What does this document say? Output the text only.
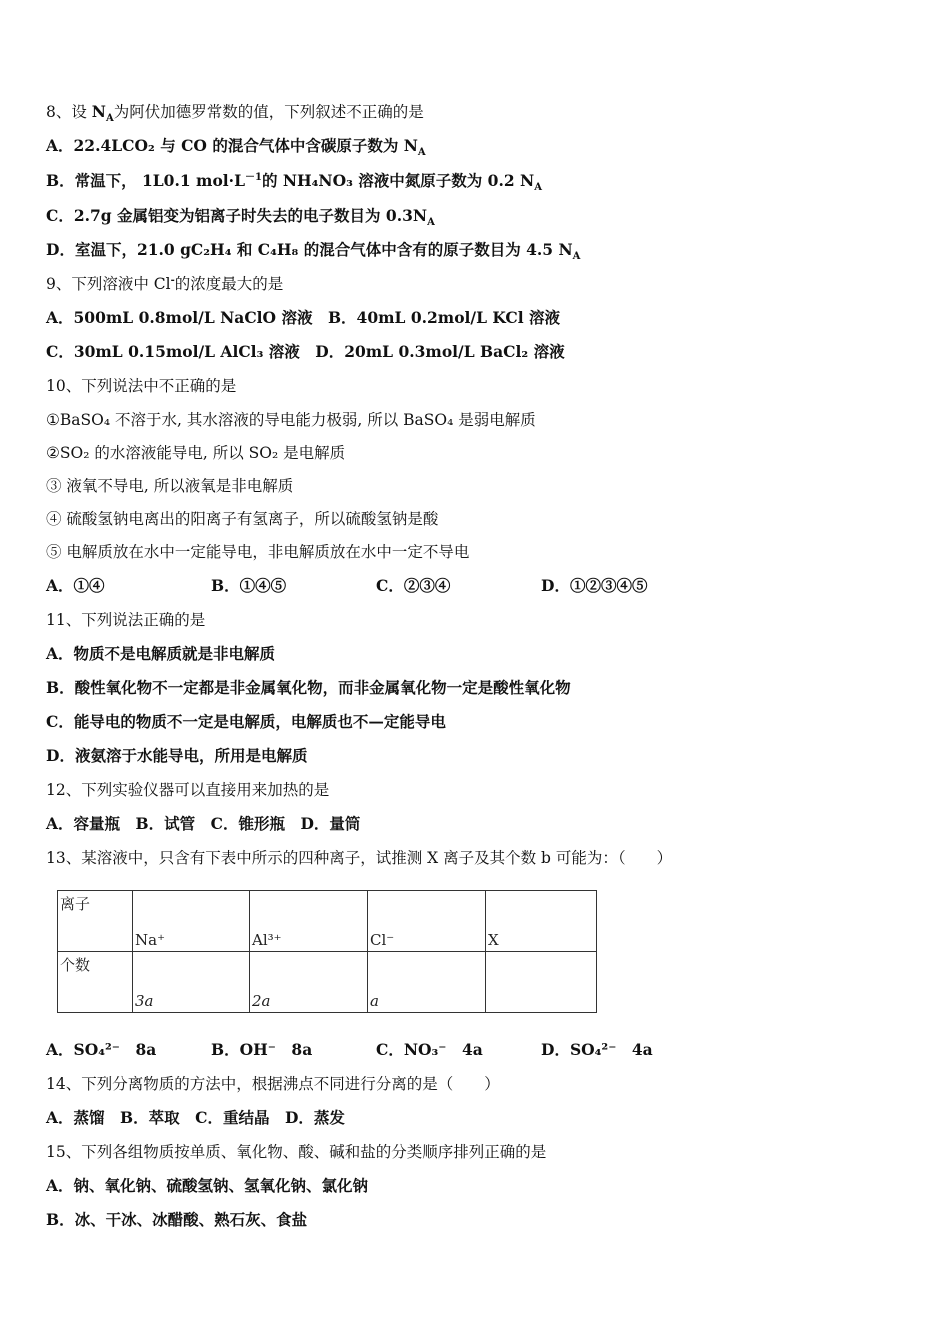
8、设 $N_A$为阿伏加德罗常数的值，下列叙述不正确的是
A．22.4LCO₂ 与 CO 的混合气体中含碳原子数为 $N_A$
B．常温下， 1L0.1 $mol\cdot L^{-1}$的 NH₄NO₃ 溶液中氮原子数为 0.2 $N_A$
C．2.7g 金属铝变为铝离子时失去的电子数目为 $0.3N_A$
D．室温下，21.0 gC₂H₄ 和 C₄H₈ 的混合气体中含有的原子数目为 4.5 $N_A$
9、下列溶液中 Cl-的浓度最大的是
A．500mL 0.8mol/L NaClO 溶液　B．40mL 0.2mol/L KCl 溶液
C．30mL 0.15mol/L AlCl₃ 溶液　D．20mL 0.3mol/L BaCl₂ 溶液
10、下列说法中不正确的是
①BaSO₄ 不溶于水, 其水溶液的导电能力极弱, 所以 BaSO₄ 是弱电解质
②SO₂ 的水溶液能导电, 所以 SO₂ 是电解质
③ 液氧不导电, 所以液氧是非电解质
④ 硫酸氢钠电离出的阳离子有氢离子，所以硫酸氢钠是酸
⑤ 电解质放在水中一定能导电，非电解质放在水中一定不导电
A．①④	B．①④⑤	C．②③④	D．①②③④⑤
11、下列说法正确的是
A．物质不是电解质就是非电解质
B．酸性氧化物不一定都是非金属氧化物，而非金属氧化物一定是酸性氧化物
C．能导电的物质不一定是电解质，电解质也不—定能导电
D．液氨溶于水能导电，所用是电解质
12、下列实验仪器可以直接用来加热的是
A．容量瓶　B．试管　C．锥形瓶　D．量筒
13、某溶液中，只含有下表中所示的四种离子，试推测 X 离子及其个数 b 可能为：（　　）
离子	Na⁺	Al³⁺	Cl⁻	X
个数	3a	2a	a	
A．SO₄²⁻　8a	B．OH⁻　8a	C．NO₃⁻　4a	D．SO₄²⁻　4a
14、下列分离物质的方法中，根据沸点不同进行分离的是（　　）
A．蒸馏　B．萃取　C．重结晶　D．蒸发
15、下列各组物质按单质、氧化物、酸、碱和盐的分类顺序排列正确的是
A．钠、氧化钠、硫酸氢钠、氢氧化钠、氯化钠
B．冰、干冰、冰醋酸、熟石灰、食盐
